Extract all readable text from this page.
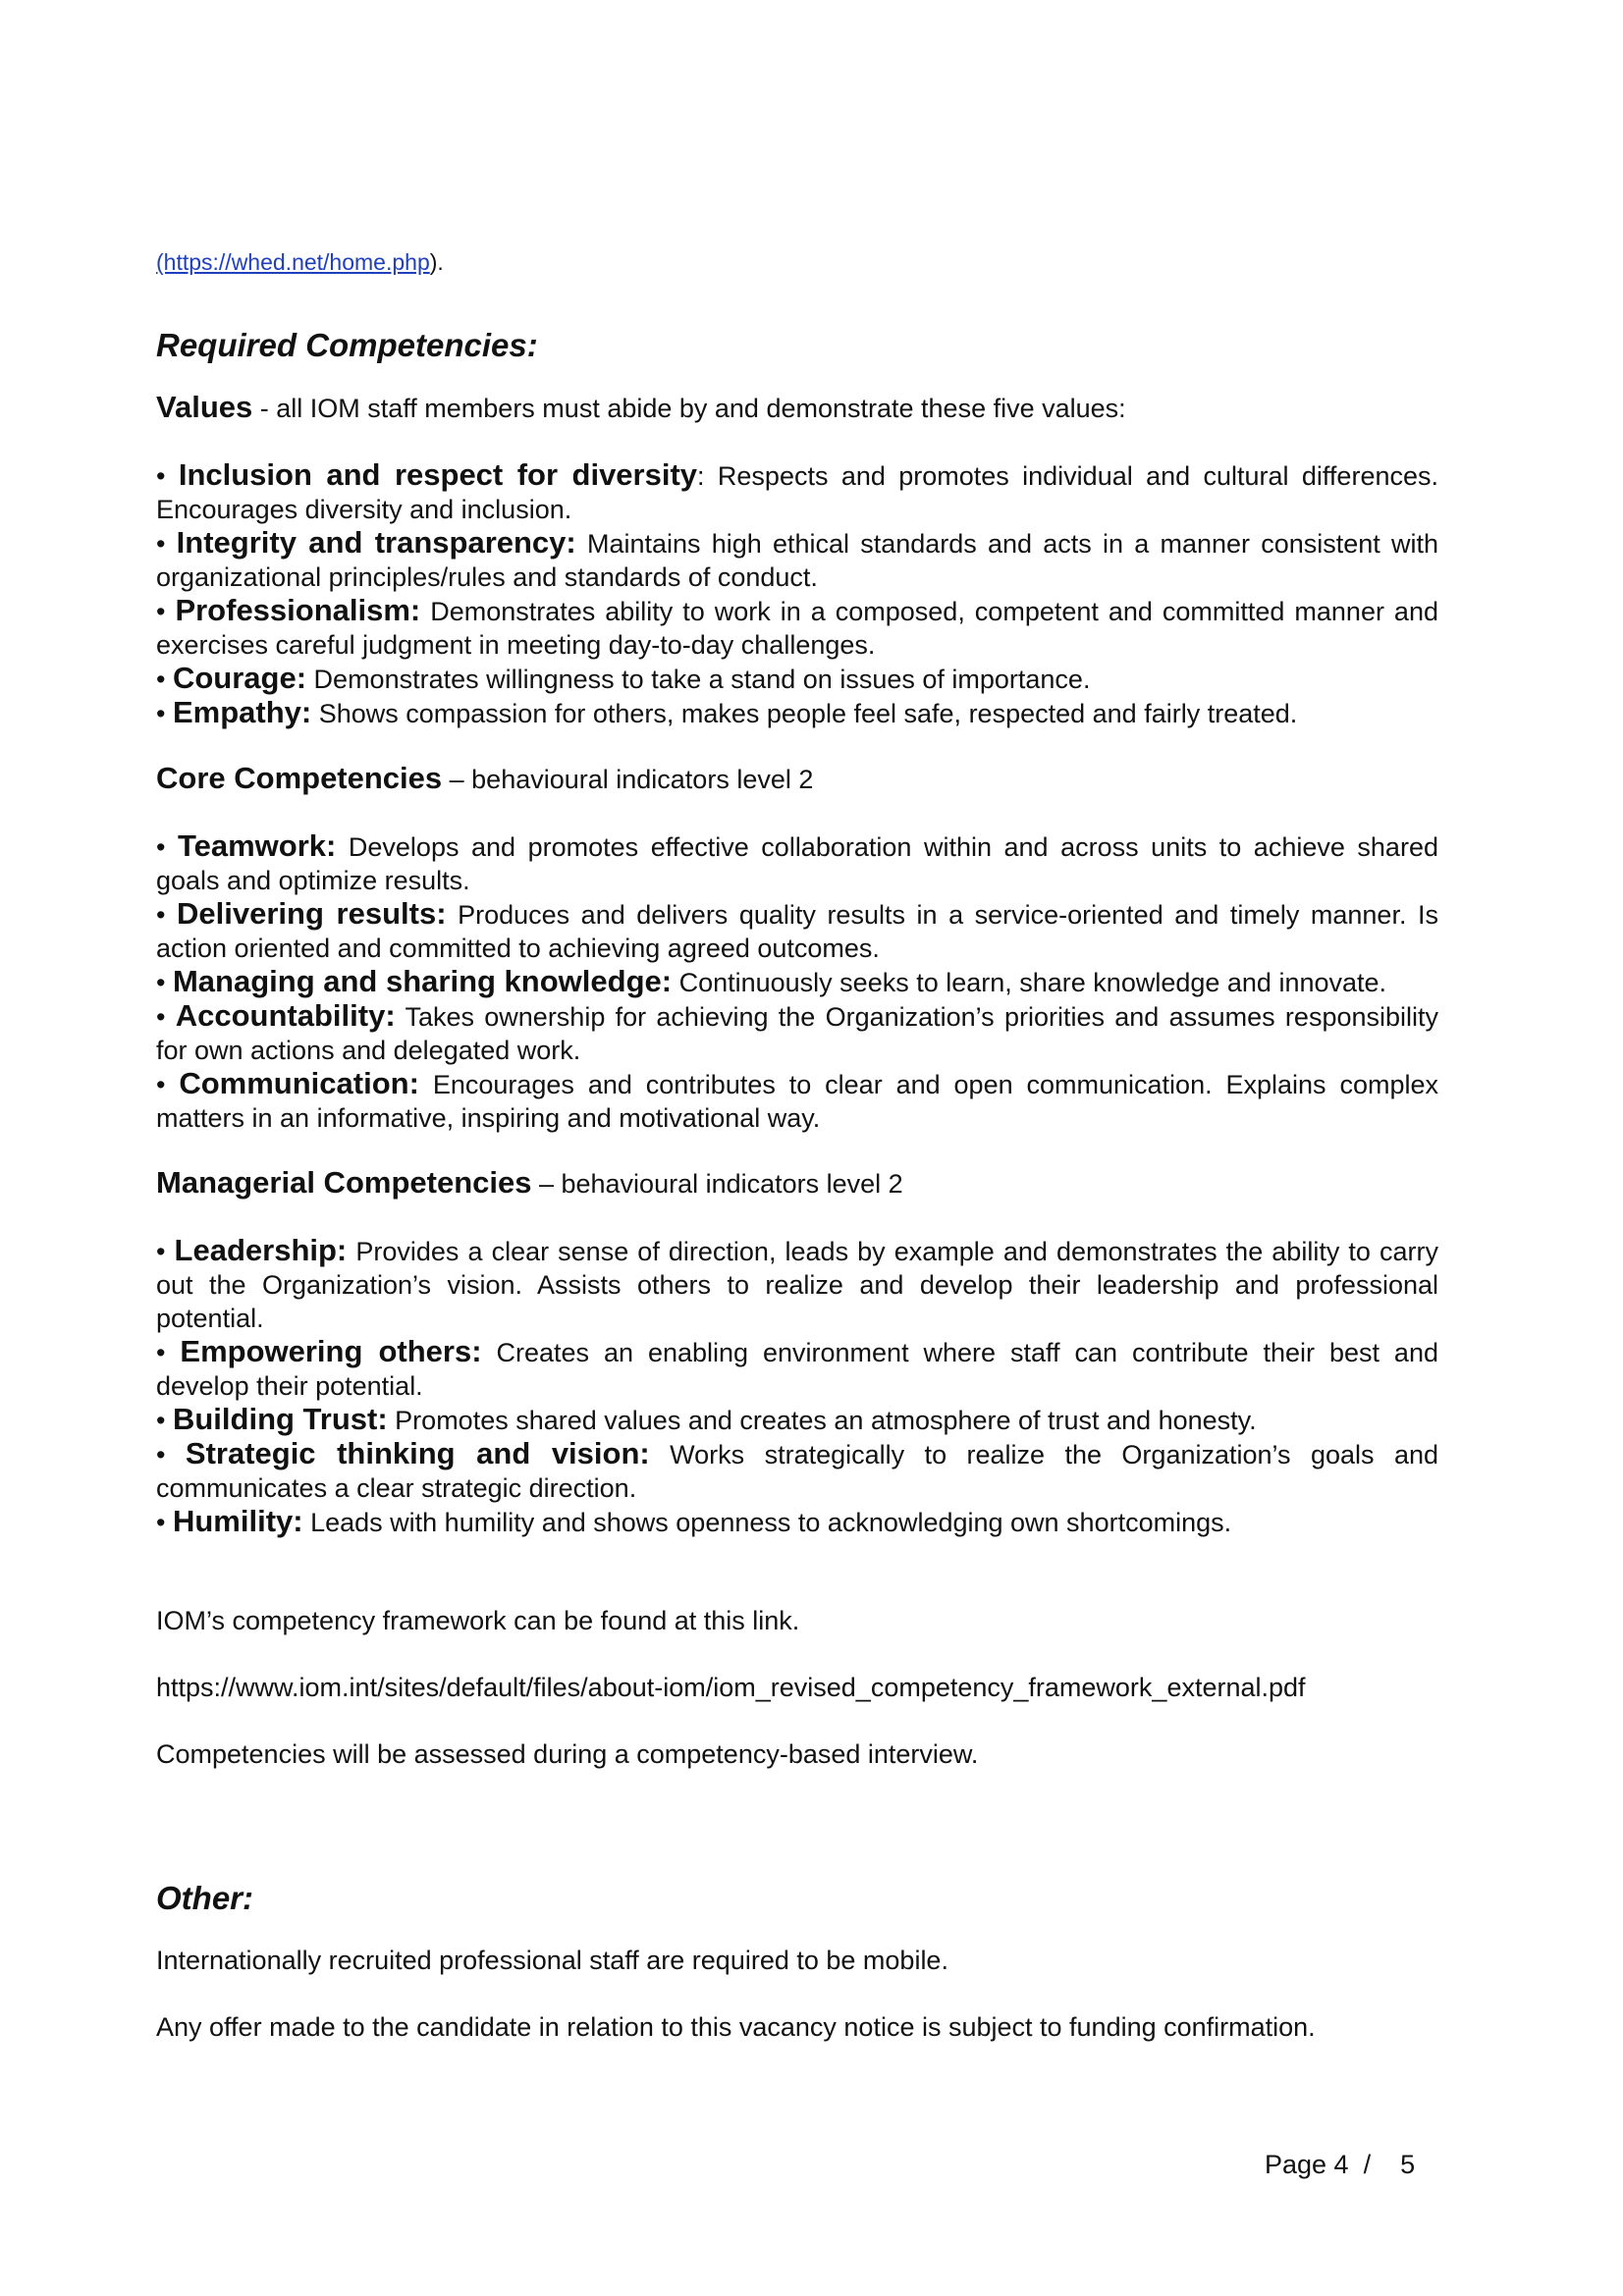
(https://whed.net/home.php).

Required Competencies:

Values - all IOM staff members must abide by and demonstrate these five values:

• Inclusion and respect for diversity: Respects and promotes individual and cultural differences. Encourages diversity and inclusion.

• Integrity and transparency: Maintains high ethical standards and acts in a manner consistent with organizational principles/rules and standards of conduct.

• Professionalism: Demonstrates ability to work in a composed, competent and committed manner and exercises careful judgment in meeting day-to-day challenges.

• Courage: Demonstrates willingness to take a stand on issues of importance.

• Empathy: Shows compassion for others, makes people feel safe, respected and fairly treated.

Core Competencies – behavioural indicators level 2

• Teamwork: Develops and promotes effective collaboration within and across units to achieve shared goals and optimize results.

• Delivering results: Produces and delivers quality results in a service-oriented and timely manner. Is action oriented and committed to achieving agreed outcomes.

• Managing and sharing knowledge: Continuously seeks to learn, share knowledge and innovate.

• Accountability: Takes ownership for achieving the Organization’s priorities and assumes responsibility for own actions and delegated work.

• Communication: Encourages and contributes to clear and open communication. Explains complex matters in an informative, inspiring and motivational way.

Managerial Competencies – behavioural indicators level 2

• Leadership: Provides a clear sense of direction, leads by example and demonstrates the ability to carry out the Organization’s vision. Assists others to realize and develop their leadership and professional potential.

• Empowering others: Creates an enabling environment where staff can contribute their best and develop their potential.

• Building Trust: Promotes shared values and creates an atmosphere of trust and honesty.

• Strategic thinking and vision: Works strategically to realize the Organization’s goals and communicates a clear strategic direction.

• Humility: Leads with humility and shows openness to acknowledging own shortcomings.

IOM’s competency framework can be found at this link.

https://www.iom.int/sites/default/files/about-iom/iom_revised_competency_framework_external.pdf

Competencies will be assessed during a competency-based interview.

Other:

Internationally recruited professional staff are required to be mobile.

Any offer made to the candidate in relation to this vacancy notice is subject to funding confirmation.

Page 4 / 5
